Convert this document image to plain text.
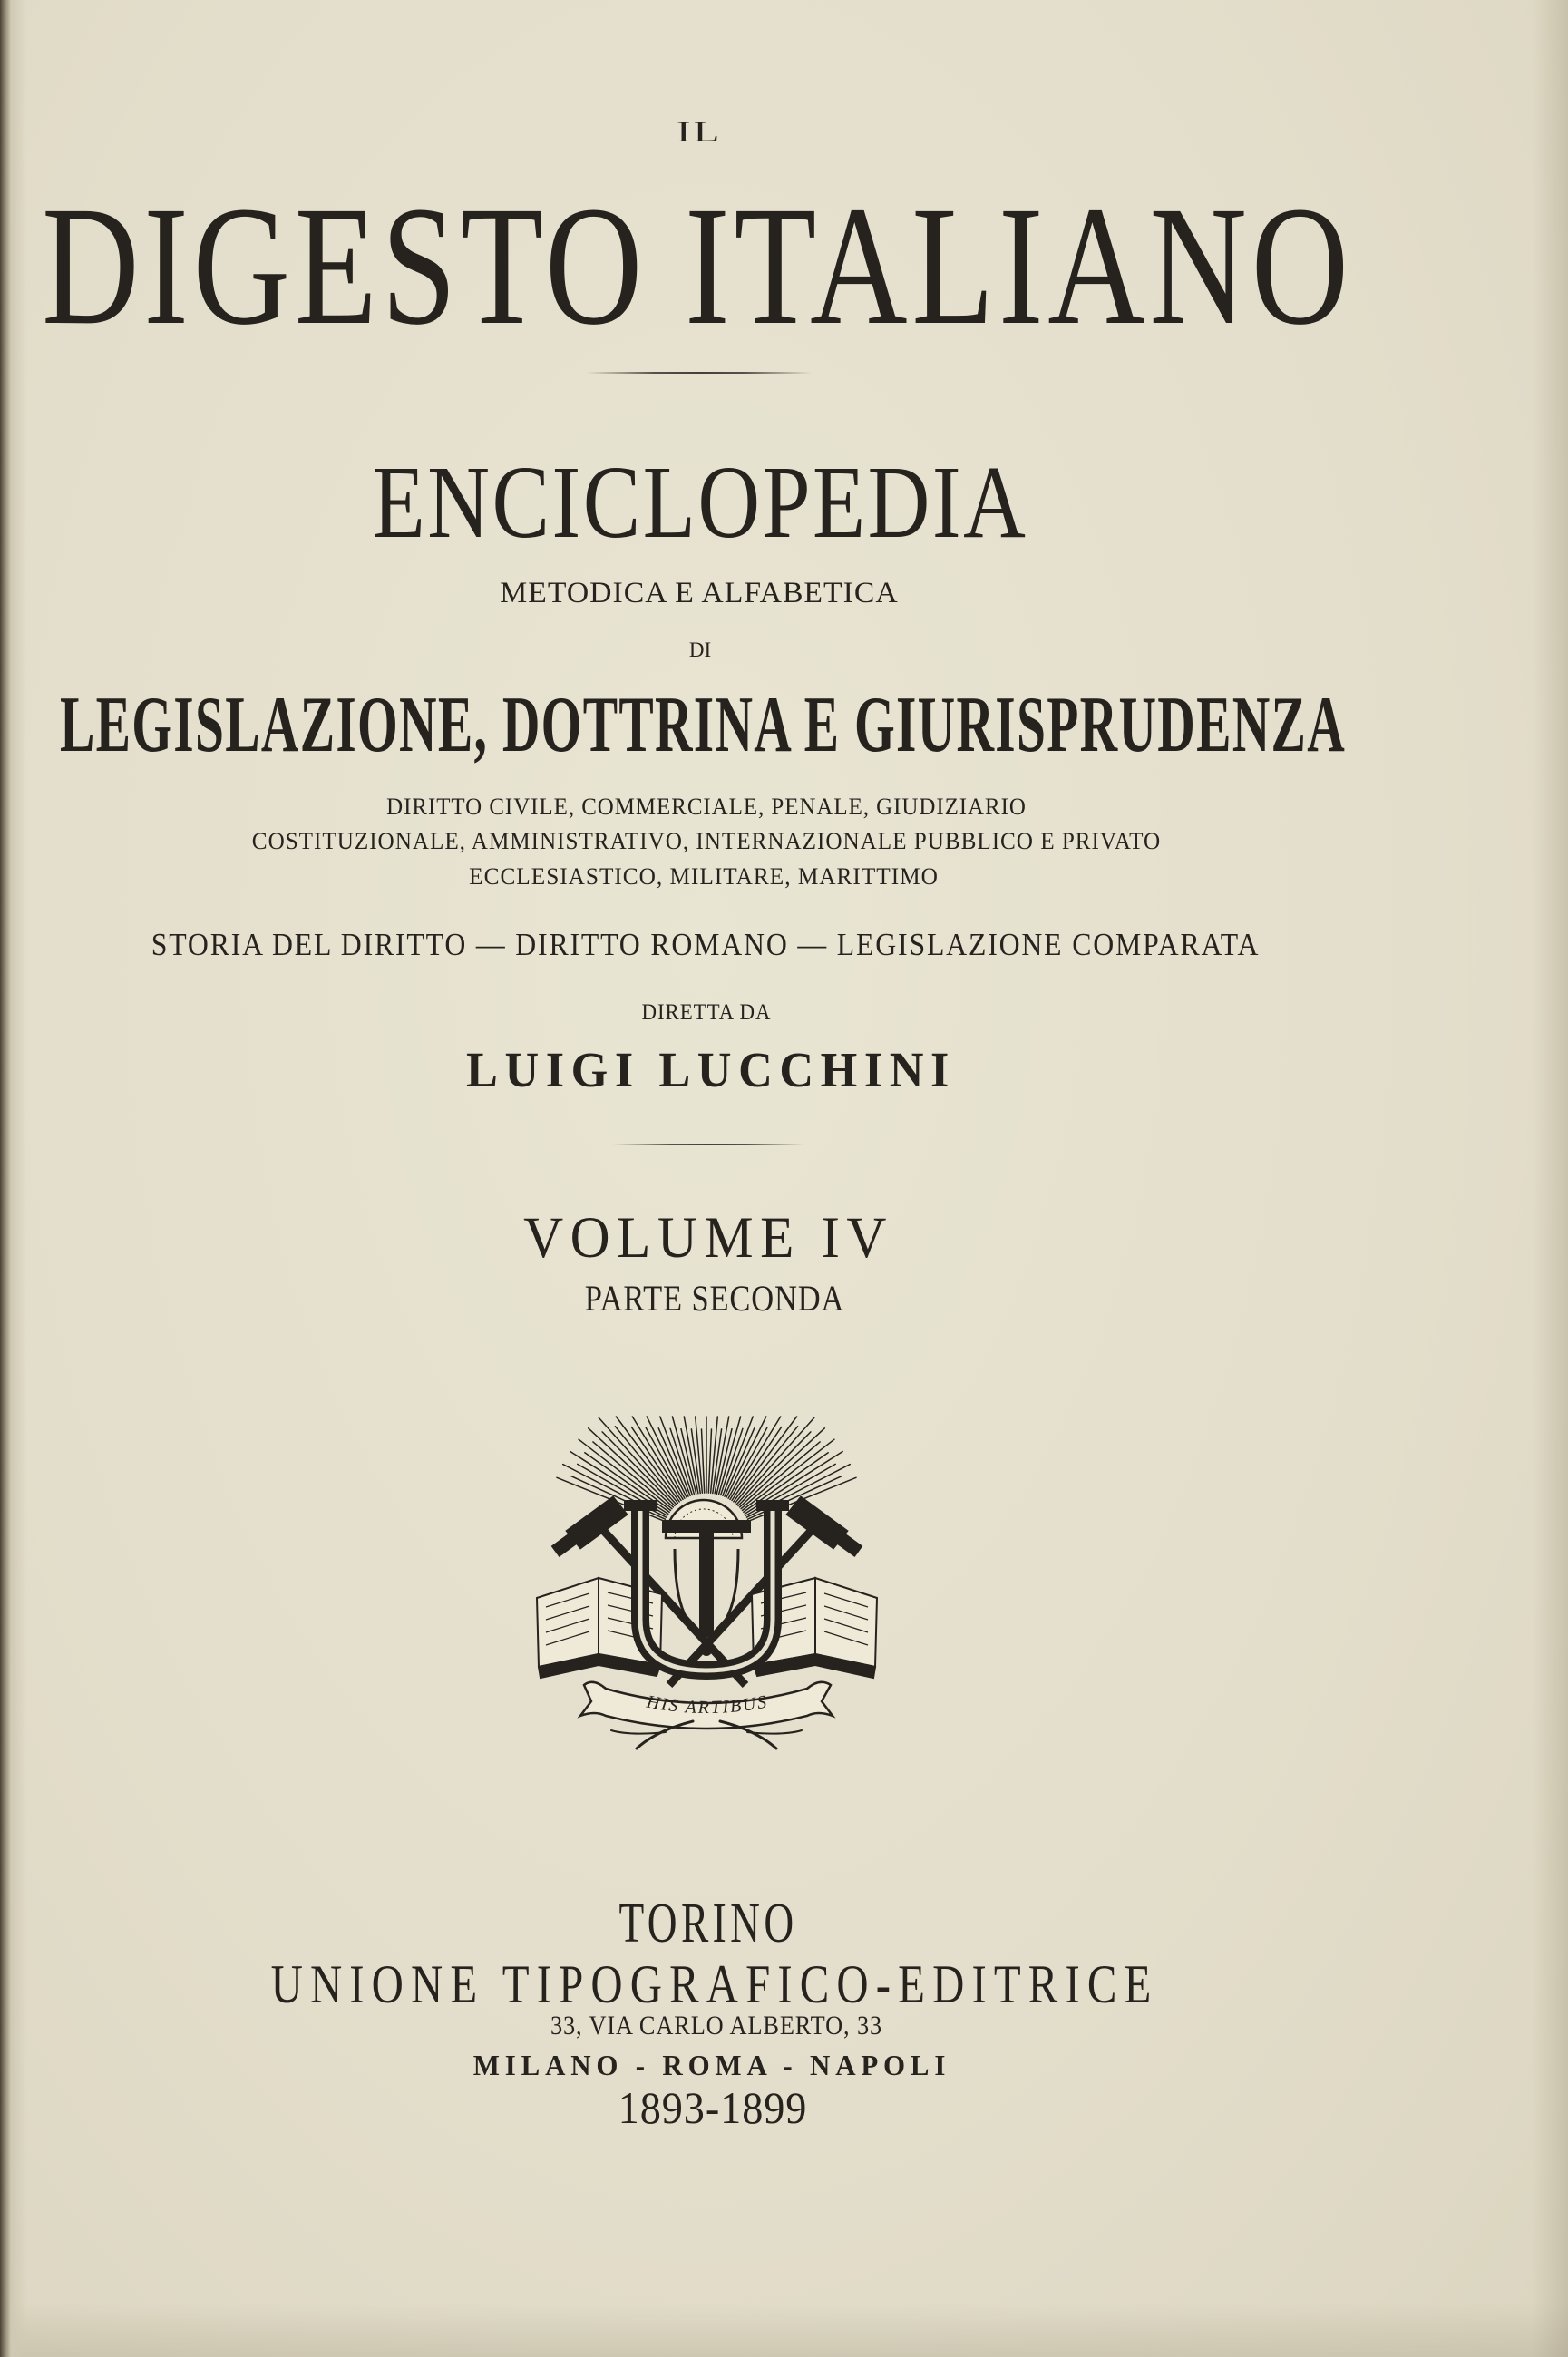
IL
DIGESTO ITALIANO
ENCICLOPEDIA
METODICA E ALFABETICA
DI
LEGISLAZIONE, DOTTRINA E GIURISPRUDENZA
DIRITTO CIVILE, COMMERCIALE, PENALE, GIUDIZIARIO
COSTITUZIONALE, AMMINISTRATIVO, INTERNAZIONALE PUBBLICO E PRIVATO
ECCLESIASTICO, MILITARE, MARITTIMO
STORIA DEL DIRITTO — DIRITTO ROMANO — LEGISLAZIONE COMPARATA
DIRETTA DA
LUIGI LUCCHINI
VOLUME IV
PARTE SECONDA
HIS ARTIBUS
TORINO
UNIONE TIPOGRAFICO-EDITRICE
33, VIA CARLO ALBERTO, 33
MILANO - ROMA - NAPOLI
1893-1899
